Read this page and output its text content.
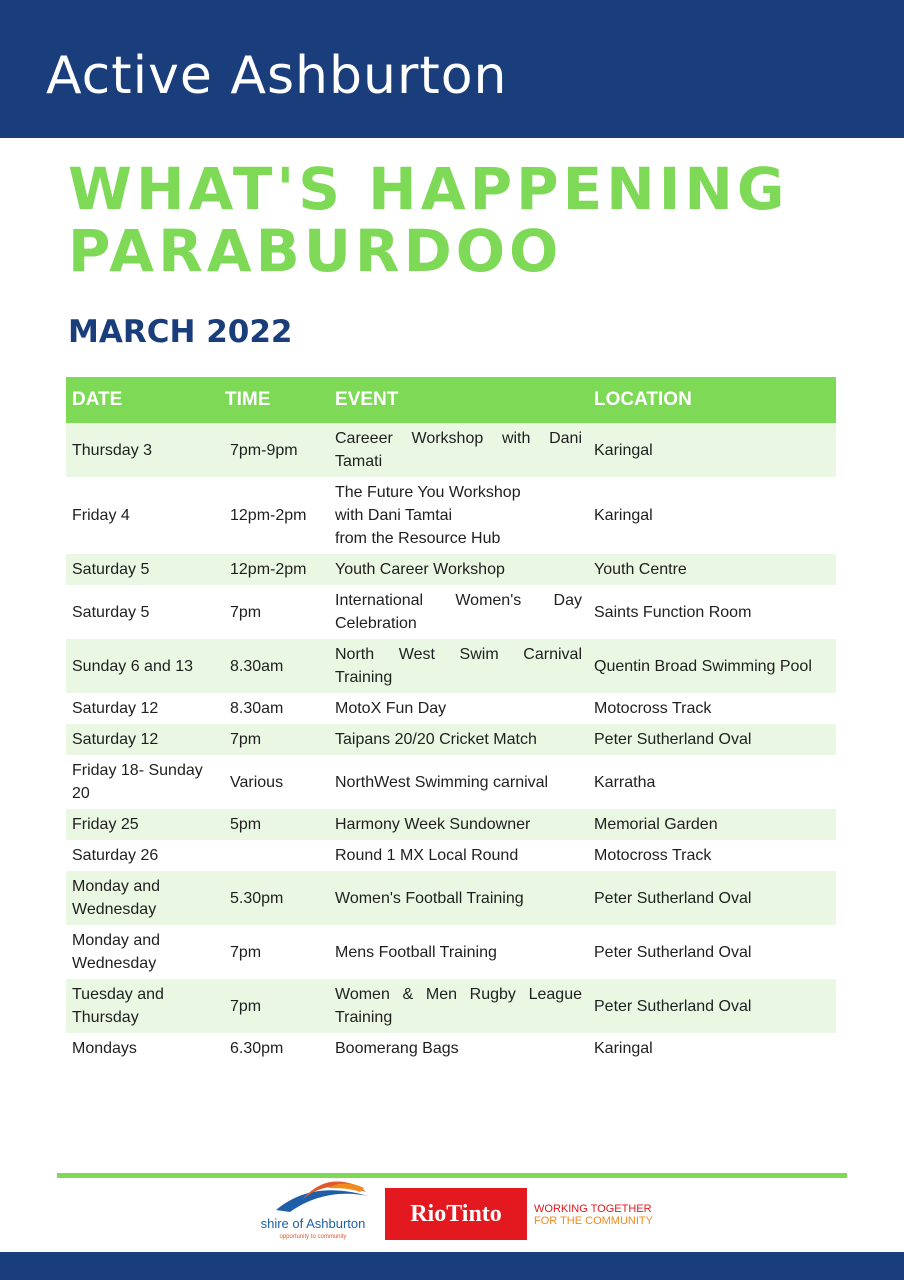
Active Ashburton
WHAT'S HAPPENING
PARABURDOO
MARCH 2022
DATE	TIME	EVENT	LOCATION
Thursday 3	7pm-9pm	Careeer Workshop with Dani Tamati	Karingal
Friday 4	12pm-2pm	The Future You Workshop
with Dani Tamtai
from the Resource Hub	Karingal
Saturday 5	12pm-2pm	Youth Career Workshop	Youth Centre
Saturday 5	7pm	International Women's Day Celebration	Saints Function Room
Sunday 6 and 13	8.30am	North West Swim Carnival Training	Quentin Broad Swimming Pool
Saturday 12	8.30am	MotoX Fun Day	Motocross Track
Saturday 12	7pm	Taipans 20/20 Cricket Match	Peter Sutherland Oval
Friday 18- Sunday 20	Various	NorthWest Swimming carnival	Karratha
Friday 25	5pm	Harmony Week Sundowner	Memorial Garden
Saturday 26		Round 1 MX Local Round	Motocross Track
Monday and Wednesday	5.30pm	Women's Football Training	Peter Sutherland Oval
Monday and Wednesday	7pm	Mens Football Training	Peter Sutherland Oval
Tuesday and Thursday	7pm	Women & Men Rugby League Training	Peter Sutherland Oval
Mondays	6.30pm	Boomerang Bags	Karingal
shire of Ashburton
opportunity to community
RioTinto	WORKING TOGETHER
FOR THE COMMUNITY
